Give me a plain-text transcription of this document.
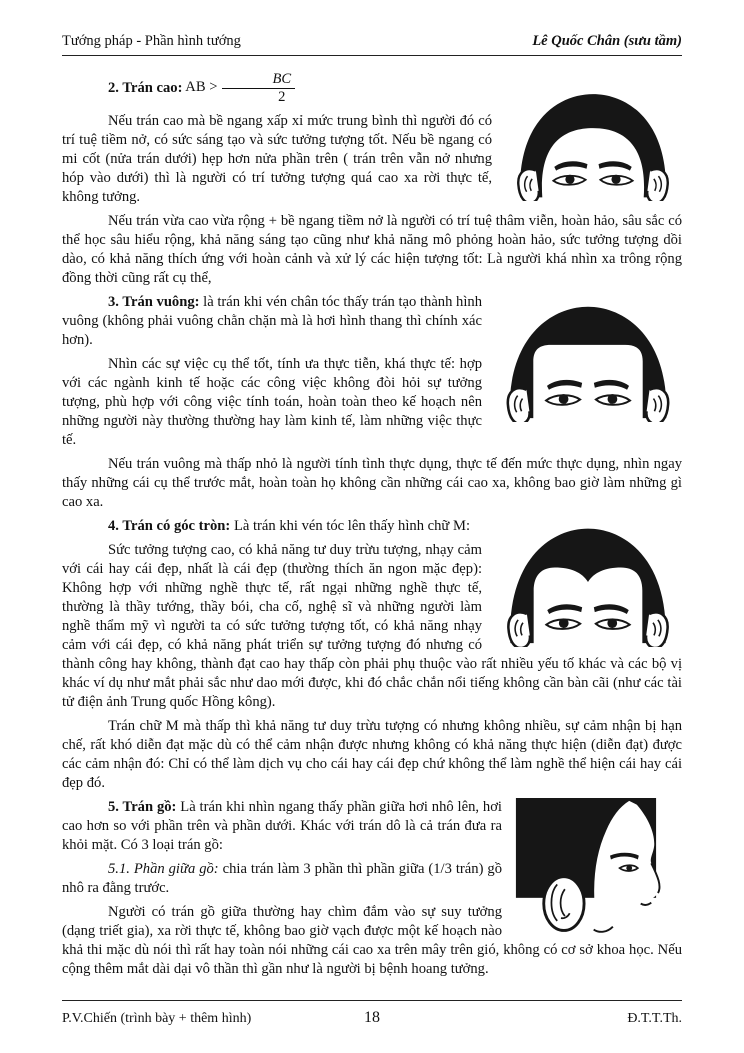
Tướng pháp - Phần hình tướng	Lê Quốc Chân (sưu tầm)

2. Trán cao: AB > $\frac{BC}{2}$

Nếu trán cao mà bề ngang xấp xỉ mức trung bình thì người đó có trí tuệ tiềm nở, có sức sáng tạo và sức tưởng tượng tốt. Nếu bề ngang có mi cốt (nửa trán dưới) hẹp hơn nửa phần trên ( trán trên vẫn nở nhưng hóp vào dưới) thì là người có trí tưởng tượng quá cao xa rời thực tế, không tưởng.

Nếu trán vừa cao vừa rộng + bề ngang tiềm nở là người có trí tuệ thâm viễn, hoàn hảo, sâu sắc có thể học sâu hiểu rộng, khả năng sáng tạo cũng như khả năng mô phỏng hoàn hảo, sức tưởng tượng dồi dào, có khả năng thích ứng với hoàn cảnh và xử lý các hiện tượng tốt: Là người khá nhìn xa trông rộng đồng thời cũng rất cụ thể,

3. Trán vuông: là trán khi vén chân tóc thấy trán tạo thành hình vuông (không phải vuông chằn chặn mà là hơi hình thang thì chính xác hơn).

Nhìn các sự việc cụ thể tốt, tính ưa thực tiễn, khá thực tế: hợp với các ngành kinh tế hoặc các công việc không đòi hỏi sự tưởng tượng, phù hợp với công việc tính toán, hoàn toàn theo kế hoạch nên những người này thường thường hay làm kinh tế, làm những việc thực tế.

Nếu trán vuông mà thấp nhỏ là người tính tình thực dụng, thực tế đến mức thực dụng, nhìn ngay thấy những cái cụ thể trước mắt, hoàn toàn họ không cần những cái cao xa, không bao giờ làm những gì cao xa.

4. Trán có góc tròn: Là trán khi vén tóc lên thấy hình chữ M:

Sức tưởng tượng cao, có khả năng tư duy trừu tượng, nhạy cảm với cái hay cái đẹp, nhất là cái đẹp (thường thích ăn ngon mặc đẹp): Không hợp với những nghề thực tế, rất ngại những nghề thực tế, thường là thầy tướng, thầy bói, cha cố, nghệ sĩ và những người làm nghề thẩm mỹ vì người ta có sức tưởng tượng tốt, có khả năng nhạy cảm với cái đẹp, có khả năng phát triển sự tưởng tượng đó nhưng có thành công hay không, thành đạt cao hay thấp còn phải phụ thuộc vào rất nhiều yếu tố khác và các bộ vị khác ví dụ như mắt phải sắc như dao mới được, khi đó chắc chắn nổi tiếng không cần bàn cãi (như các tài tử điện ảnh Trung quốc Hồng kông).

Trán chữ M mà thấp thì khả năng tư duy trừu tượng có nhưng không nhiều, sự cảm nhận bị hạn chế, rất khó diễn đạt mặc dù có thể cảm nhận được nhưng không có khả năng thực hiện (diễn đạt) được các cảm nhận đó: Chỉ có thể làm dịch vụ cho cái hay cái đẹp chứ không thể làm nghề thể hiện cái hay cái đẹp đó.

5. Trán gồ: Là trán khi nhìn ngang thấy phần giữa hơi nhô lên, hơi cao hơn so với phần trên và phần dưới. Khác với trán dô là cả trán đưa ra khỏi mặt. Có 3 loại trán gồ:

5.1. Phần giữa gồ: chia trán làm 3 phần thì phần giữa (1/3 trán) gồ nhô ra đằng trước.

Người có trán gồ giữa thường hay chìm đắm vào sự suy tưởng (dạng triết gia), xa rời thực tế, không bao giờ vạch được một kế hoạch nào khả thi mặc dù nói thì rất hay toàn nói những cái cao xa trên mây trên gió, không có cơ sở khoa học. Nếu cộng thêm mắt dài dại vô thần thì gần như là người bị bệnh hoang tưởng.

P.V.Chiến (trình bày + thêm hình)	18	Đ.T.T.Th.
